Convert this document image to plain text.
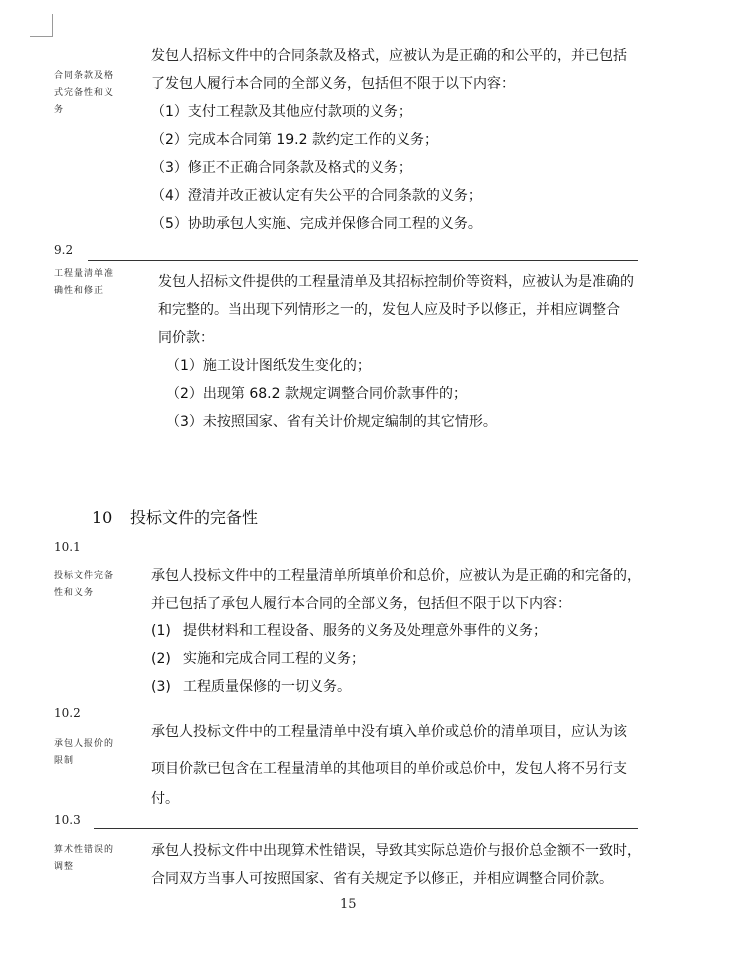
合同条款及格
式完备性和义
务
发包人招标文件中的合同条款及格式，应被认为是正确的和公平的，并已包括
了发包人履行本合同的全部义务，包括但不限于以下内容：
（1）支付工程款及其他应付款项的义务；
（2）完成本合同第 19.2 款约定工作的义务；
（3）修正不正确合同条款及格式的义务；
（4）澄清并改正被认定有失公平的合同条款的义务；
（5）协助承包人实施、完成并保修合同工程的义务。
9.2
工程量清单准
确性和修正
发包人招标文件提供的工程量清单及其招标控制价等资料，应被认为是准确的
和完整的。当出现下列情形之一的，发包人应及时予以修正，并相应调整合
同价款：
（1）施工设计图纸发生变化的；
（2）出现第 68.2 款规定调整合同价款事件的；
（3）未按照国家、省有关计价规定编制的其它情形。
10 投标文件的完备性
10.1
投标文件完备
性和义务
承包人投标文件中的工程量清单所填单价和总价，应被认为是正确的和完备的，
并已包括了承包人履行本合同的全部义务，包括但不限于以下内容：
(1) 提供材料和工程设备、服务的义务及处理意外事件的义务；
(2) 实施和完成合同工程的义务；
(3) 工程质量保修的一切义务。
10.2
承包人报价的
限制
承包人投标文件中的工程量清单中没有填入单价或总价的清单项目，应认为该
项目价款已包含在工程量清单的其他项目的单价或总价中，发包人将不另行支
付。
10.3
算术性错误的
调整
承包人投标文件中出现算术性错误，导致其实际总造价与报价总金额不一致时，
合同双方当事人可按照国家、省有关规定予以修正，并相应调整合同价款。
15
